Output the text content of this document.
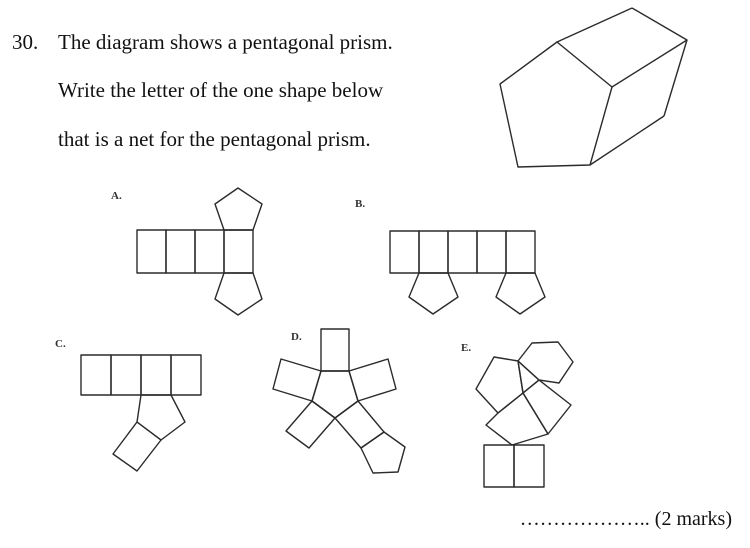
30. The diagram shows a pentagonal prism.
Write the letter of the one shape below
that is a net for the pentagonal prism.
A.
B.
C.
D.
E.
……………….. (2 marks)
